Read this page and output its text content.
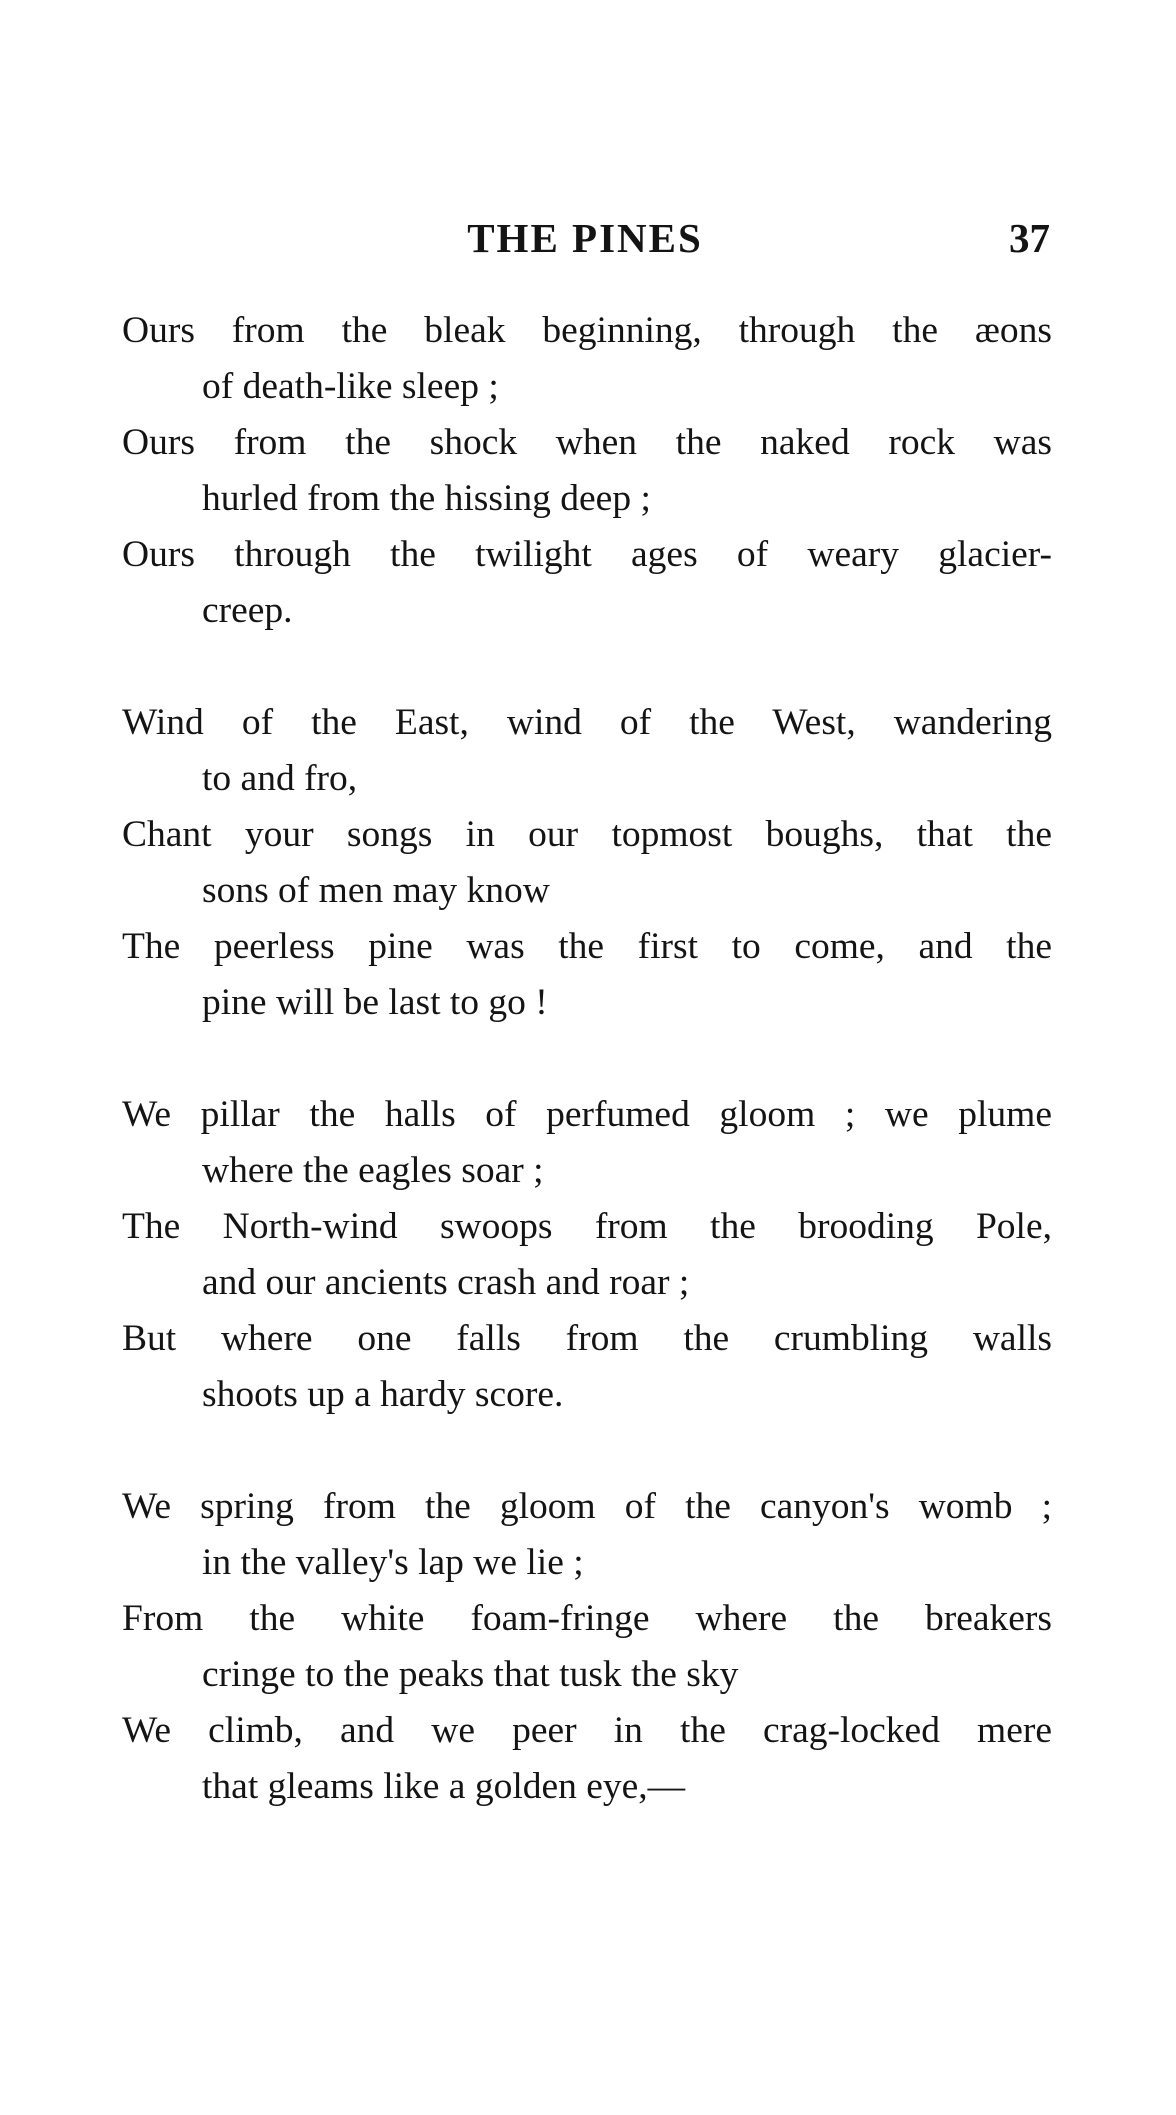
THE PINES	37
Ours from the bleak beginning, through the æons
of death-like sleep ;
Ours from the shock when the naked rock was
hurled from the hissing deep ;
Ours through the twilight ages of weary glacier-
creep.
Wind of the East, wind of the West, wandering
to and fro,
Chant your songs in our topmost boughs, that the
sons of men may know
The peerless pine was the first to come, and the
pine will be last to go !
We pillar the halls of perfumed gloom ; we plume
where the eagles soar ;
The North-wind swoops from the brooding Pole,
and our ancients crash and roar ;
But where one falls from the crumbling walls
shoots up a hardy score.
We spring from the gloom of the canyon's womb ;
in the valley's lap we lie ;
From the white foam-fringe where the breakers
cringe to the peaks that tusk the sky
We climb, and we peer in the crag-locked mere
that gleams like a golden eye,—
